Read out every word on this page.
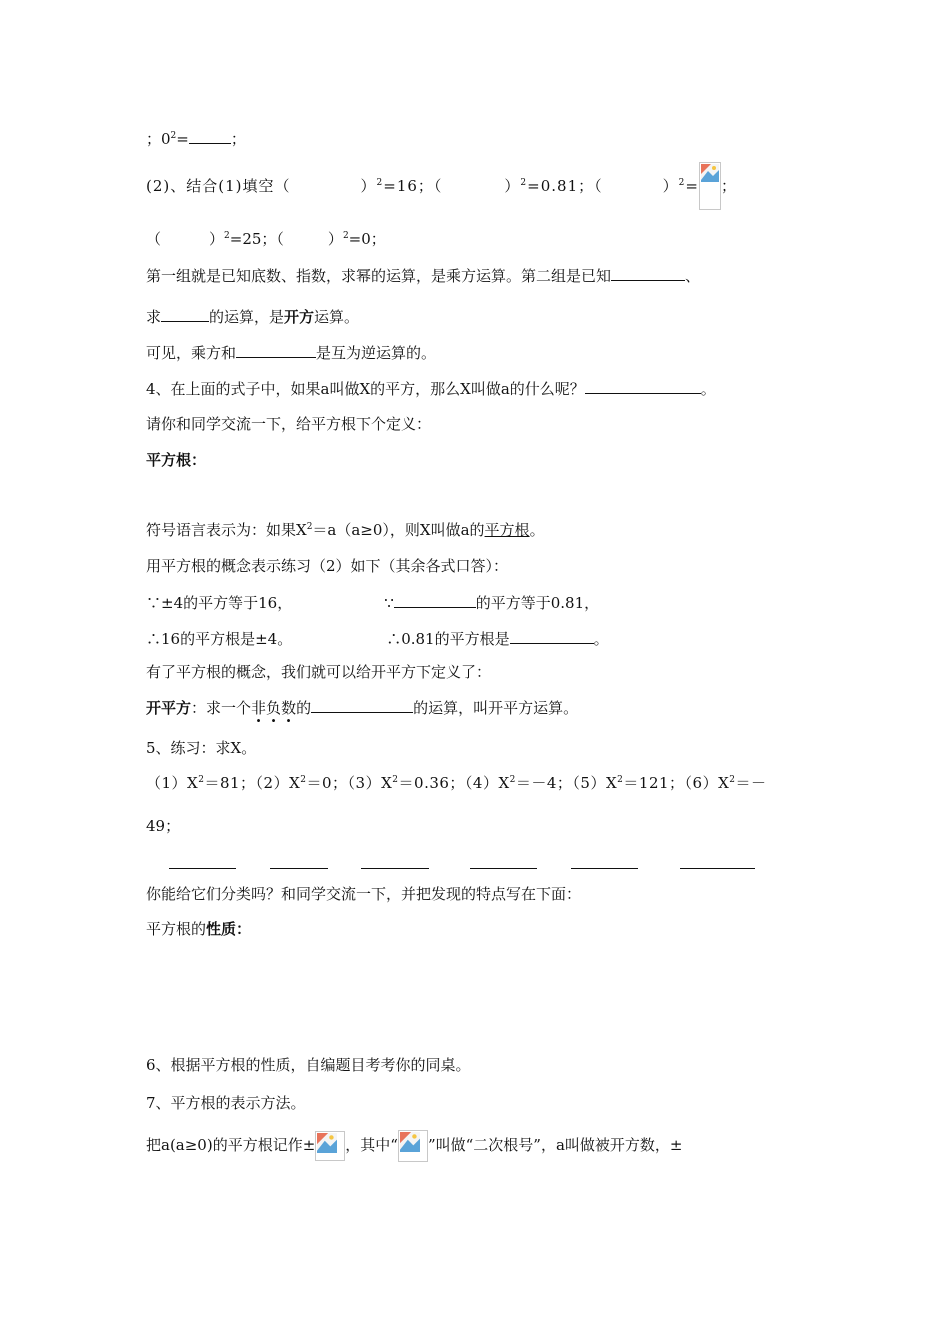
；$0^2=$	；
(2)、结合(1)填空（	）$^2$=16；（	）$^2$=0.81；（	）$^2$= ；
（	）$^2$=25；（	）$^2$=0；
第一组就是已知底数、指数，求幂的运算，是乘方运算。第二组是已知	、
求	的运算，是开方运算。
可见，乘方和	是互为逆运算的。
4、在上面的式子中，如果a叫做X的平方，那么X叫做a的什么呢？	。
请你和同学交流一下，给平方根下个定义：
平方根：
符号语言表示为：如果$X^2=a(a\ge 0)$，则X叫做a的平方根。
用平方根的概念表示练习（2）如下（其余各式口答）：
∵±4的平方等于16，	∵	的平方等于0.81，
∴16的平方根是±4。	∴0.81的平方根是	。
有了平方根的概念，我们就可以给开平方下定义了：
开平方：求一个非负数的	的运算，叫开平方运算。
5、练习：求X。
$(1)X^2=81$；$(2)X^2=0$；$(3)X^2=0.36$；$(4)X^2=-4$；$(5)X^2=121$；$(6)X^2=-$
49；
你能给它们分类吗？和同学交流一下，并把发现的特点写在下面：
平方根的性质：
6、根据平方根的性质，自编题目考考你的同桌。
7、平方根的表示方法。
把a(a≥0)的平方根记作± ，其中“ ”叫做“二次根号”，a叫做被开方数，±
